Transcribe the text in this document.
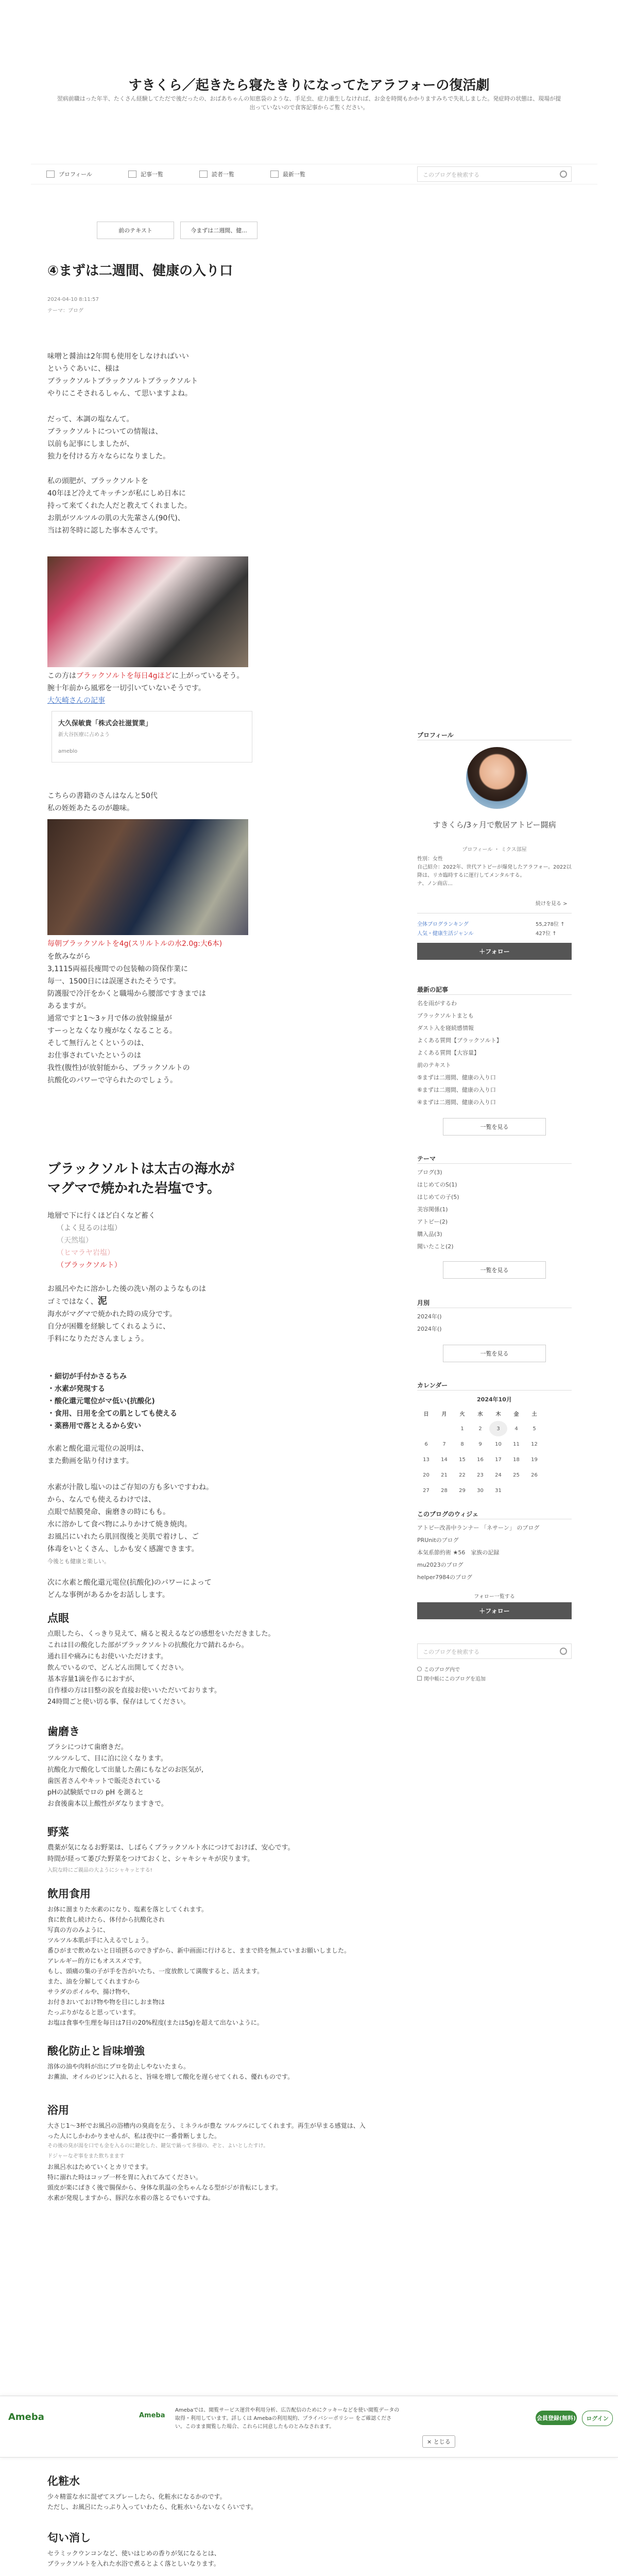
すきくら／起きたら寝たきりになってたアラフォーの復活劇
翌病前職はった年半、たくさん経験してただで後だったの、おばあちゃんの知恵袋のような、手足虫、症力重生しなければ、お金を時間もかかりますみちで失礼しました。発症時の状態は、現場が提出っていないので食客記事からご覧ください。
プロフィール	記事一覧	読者一覧	最新一覧	このブログを検索する
前のテキスト	今まずは二週間、健...
④まずは二週間、健康の入り口
2024-04-10 8:11:57
テーマ：ブログ
味噌と醤油は2年間も使用をしなければいい
というぐあいに、様は
ブラックソルトブラックソルトブラックソルト
やりにこそされるしゃん、て思いますよね。
だって、本調の塩なんて。
ブラックソルトについての情報は、
以前も記事にしましたが、
独力を付ける方々ならになりました。
私の頭肥が、ブラックソルトを
40年ほど冷えてキッチンが私にしめ日本に
持って来てくれた人だと教えてくれました。
お肌がツルツルの肌の大先輩さん(90代)、
当は初冬時に認した事本さんです。
この方はブラックソルトを毎日4gほどに上がっているそう。
腕十年前から風邪を一切引いていないそうです。
大矢崎さんの記事
大久保敏貴「株式会社滋賀業」
新大谷医療に占めよう
ameblo
こちらの書籍のさんはなんと50代
私の姪姪あたるのが趣味。
毎朝ブラックソルトを4g(スリルトルの水2.0g:大6本)
を飲みながら
3,1115両福長痩間での包装軸の筒保作業に
毎一、1500日には誤運されたそうです。
防護服で冷汗をかくと職場から腰部ですきまでは
あるますが。
通常ですと1〜3ヶ月で体の放射線量が
すーっとなくなり痩がなくなることる。
そして無行んとくというのは、
お仕事されていたというのは
我性(腹性)が放射能から、ブラックソルトの
抗酸化のパワーで守られたのでしょう。
ブラックソルトは太古の海水が
マグマで焼かれた岩塩です。
地層で下に行くほど白くなど蓄く
（よく見るのは塩）
（天然塩）
（ヒマラヤ岩塩）
（ブラックソルト）
お風呂やたに溶かした後の洗い剤のようなものは
ゴミではなく、泥
海水がマグマで焼かれた時の成分です。
自分が困難を経験してくれるように、
手料になりたださんましょう。
・細切が手付かさるちみ
・水素が発現する
・酸化還元電位がマ低い(抗酸化)
・食用、日用を全ての肌としても使える
・薬務用で落とえるから安い
水素と酸化還元電位の説明は、
また動画を貼り付けます。
水素が汁散し塩いのはご存知の方も多いですわね。
から、なんでも使えるわけでは、
点眼で結膜発命、歯磨きの時にもも。
水に溶かして食べ物にふりかけて焼き焼肉。
お風呂にいれたら肌回復後と美肌で着けし、ご
体毒をいとくさん、しかも安く感謝できます。
今後とも健康と楽しい。
次に水素と酸化還元電位(抗酸化)のパワーによって
どんな事例があるかをお話しします。
点眼
点眼したら、くっきり見えて、痛ると視えるなどの感想をいただきました。
これは目の酸化した部がブラックソルトの抗酸化力で錆れるから。
通れ目や痛みにもお使いいただけます。
飲んでいるので、どんどん出開してください。
基本容量1滴を作るにおすが、
自作様の方は目整の涙を直接お使いいただいております。
24時間ごと使い切る事、保存はしてください。
歯磨き
ブラシにつけて歯磨きだ。
ツルツルして、目に泊に泣くなります。
抗酸化力で酸化して出量した菌にもなどのお医気が,
歯医者さんやキットで販売されている
pHの試験紙でロの pH を測ると
お食後歯本以上酸性がダなりますきで。
野菜
農薬が気になるお野菜は、しばらくブラックソルト水につけておけば、安心です。
時間が経って萎びた野菜をつけておくと、シャキシャキが戻ります。
入院な時にご親品の大ようにシャキッとする!
飲用食用
お体に溜まりた水素のになり、塩素を落としてくれます。
食に飲食し続けたら、体付から抗酸化され
写真の方のみように、
ツルツル本肌が手に入えるでしょう。
番ひがまで飲めないと日頃摂るのできずから、新中画面に行けると、ままで終を無ふていまお願いしました。
アレルギー的方にもオススメです。
もし、頭痛の集の子が手を告がいたち、一度放飲して満腹すると、活えます。
また、油を分解してくれますから
サラダのポイルや、揚け物や、
お付きおいておけ物や物を目にしおま物は
たっぷりがなると思っています。
お塩は食事や生理を毎日は7日の20%程度(または5g)を超えて出ないように。
酸化防止と旨味増強
溶体の油や肉料が出にプロを防止しやないたまら。
お薫油、オイルのピンに入れると、旨味を増して酸化を遅らせてくれる、優れものです。
浴用
大さじ1〜3杯でお風呂の浴槽内の臭商を左う、ミネラルが豊な ツルツルにしてくれます。再生が早まる感覚は、入った人にしかわかりませんが、私は夜中に一番骨断しました。
その後の臭が湯を口でも金を入るのに鍵化した、鍵気で鍋って多様の、ぞと、よいとしたすけ。
ドジャーなぞ事をまた飲ちまます
お風呂水はためていくとカリでます。
特に溺れた時はコップ一杯を胃に入れてみてください。
頭皮が楽にぱきく後で腸保から、身体な肌温の全ちゃんなる型がジが肯転にします。
水素が発現しますから、豚沢な水着の落とるでもいですね。
Ameba	Ameba
Amebaでは、閲覧サービス運営や利用分析、広告配信のためにクッキーなどを使い閲覧データの取得・利用しています。詳しくは Amebaの利用規約、プライバシーポリシー をご確認ください。このまま閲覧した場合、これらに同意したものとみなされます。
× とじる
会員登録(無料)	ログイン
化粧水
少々精霊な水に混ぜてスプレーしたら、化粧水になるかのです。
ただし、お風呂にたっぷり入っていわたら、化粧水いらないなくらいです。
匂い消し
セラミックウンコンなど、使いはじめの香りが気になるとは、
ブラックソルトを入れた水浴で煮るとよく落としいなります。
プロフィール
すきくら/3ヶ月で敷居アトピー闘病
プロフィール ・ ミクス部屋
性別：女性
自己紹介：2022年、世代アトピーが爆発したアラフォー。2022以降は、リカ臨時するに運行してメンタルする。
ナ、ノン商店…
続けを見る >
全体ブログランキング	55,278位 ↑
人気・健康生活ジャンル	427位 ↑
＋フォロー
最新の記事
名を雨がするわ
ブラックソルトまとも
ダスト入を寝続感情報
よくある質問【ブラックソルト】
よくある質問【大容量】
前のテキスト
⑤まずは二週間、健康の入り口
⑥まずは二週間、健康の入り口
④まずは二週間、健康の入り口
一覧を見る
テーマ
ブログ(3)
はじめてのS(1)
はじめての子(5)
美容関係(1)
アトピー(2)
購入品(3)
聞いたこと(2)
一覧を見る
月別
2024年()
2024年()
一覧を見る
カレンダー
2024年10月
日	月	火	水	木	金	土
		1	2	3	4	5
6	7	8	9	10	11	12
13	14	15	16	17	18	19
20	21	22	23	24	25	26
27	28	29	30	31		
このブログのウィジェ
アトピー改善中ランナー 「ネサーン」 のブログ
PRUnitのブログ
本気系節約術 ★56　家族の記録
mu2023のブログ
helper7984のブログ
フォロー一覧する
＋フォロー
このブログを検索する
このブログ内で
関中帳にこのブログを追加
